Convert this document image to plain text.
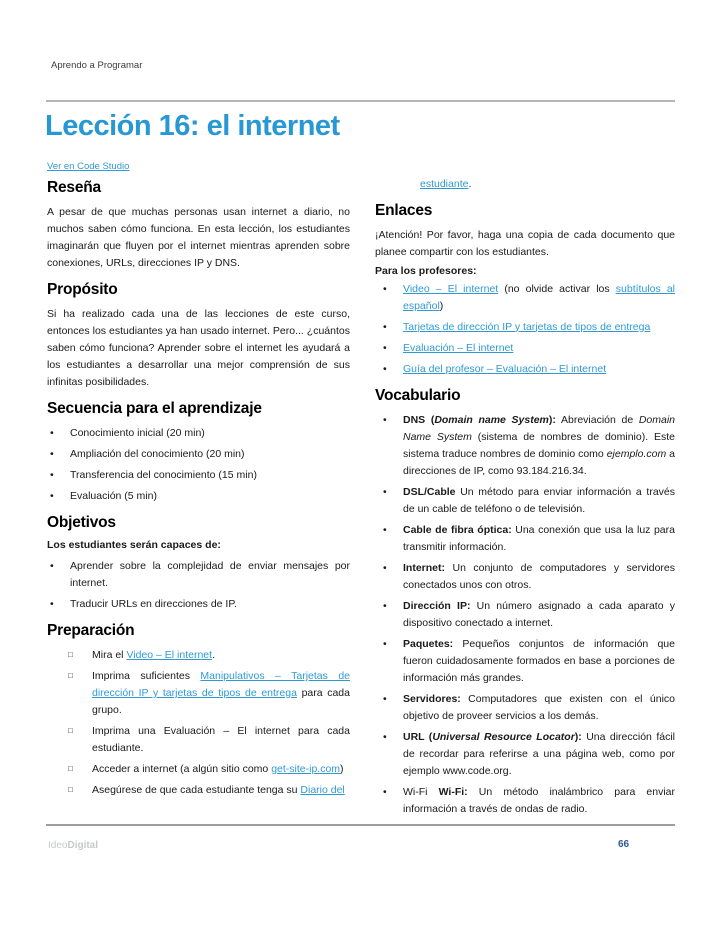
Aprendo a Programar
Lección 16: el internet
Ver en Code Studio
Reseña

A pesar de que muchas personas usan internet a diario, no muchos saben cómo funciona. En esta lección, los estudiantes imaginarán que fluyen por el internet mientras aprenden sobre conexiones, URLs, direcciones IP y DNS.

Propósito

Si ha realizado cada una de las lecciones de este curso, entonces los estudiantes ya han usado internet. Pero... ¿cuántos saben cómo funciona? Aprender sobre el internet les ayudará a los estudiantes a desarrollar una mejor comprensión de sus infinitas posibilidades.

Secuencia para el aprendizaje
•	Conocimiento inicial (20 min)
•	Ampliación del conocimiento (20 min)
•	Transferencia del conocimiento (15 min)
•	Evaluación (5 min)
Objetivos

Los estudiantes serán capaces de:

•	Aprender sobre la complejidad de enviar mensajes por internet.
•	Traducir URLs en direcciones de IP.
Preparación
□	Mira el Video – El internet.
□	Imprima suficientes Manipulativos – Tarjetas de dirección IP y tarjetas de tipos de entrega para cada grupo.
□	Imprima una Evaluación – El internet para cada estudiante.
□	Acceder a internet (a algún sitio como get-site-ip.com)
□	Asegúrese de que cada estudiante tenga su Diario del

estudiante.

Enlaces

¡Atención! Por favor, haga una copia de cada documento que planee compartir con los estudiantes.

Para los profesores:

•	Video – El internet (no olvide activar los subtítulos al español)
•	Tarjetas de dirección IP y tarjetas de tipos de entrega
•	Evaluación – El internet
•	Guía del profesor – Evaluación – El internet
Vocabulario
•	DNS (Domain name System): Abreviación de Domain Name System (sistema de nombres de dominio). Este sistema traduce nombres de dominio como ejemplo.com a direcciones de IP, como 93.184.216.34.
•	DSL/Cable Un método para enviar información a través de un cable de teléfono o de televisión.
•	Cable de fibra óptica: Una conexión que usa la luz para transmitir información.
•	Internet: Un conjunto de computadores y servidores conectados unos con otros.
•	Dirección IP: Un número asignado a cada aparato y dispositivo conectado a internet.
•	Paquetes: Pequeños conjuntos de información que fueron cuidadosamente formados en base a porciones de información más grandes.
•	Servidores: Computadores que existen con el único objetivo de proveer servicios a los demás.
•	URL (Universal Resource Locator): Una dirección fácil de recordar para referirse a una página web, como por ejemplo www.code.org.
•	Wi-Fi Wi-Fi: Un método inalámbrico para enviar información a través de ondas de radio.
IdeoDigital	66
